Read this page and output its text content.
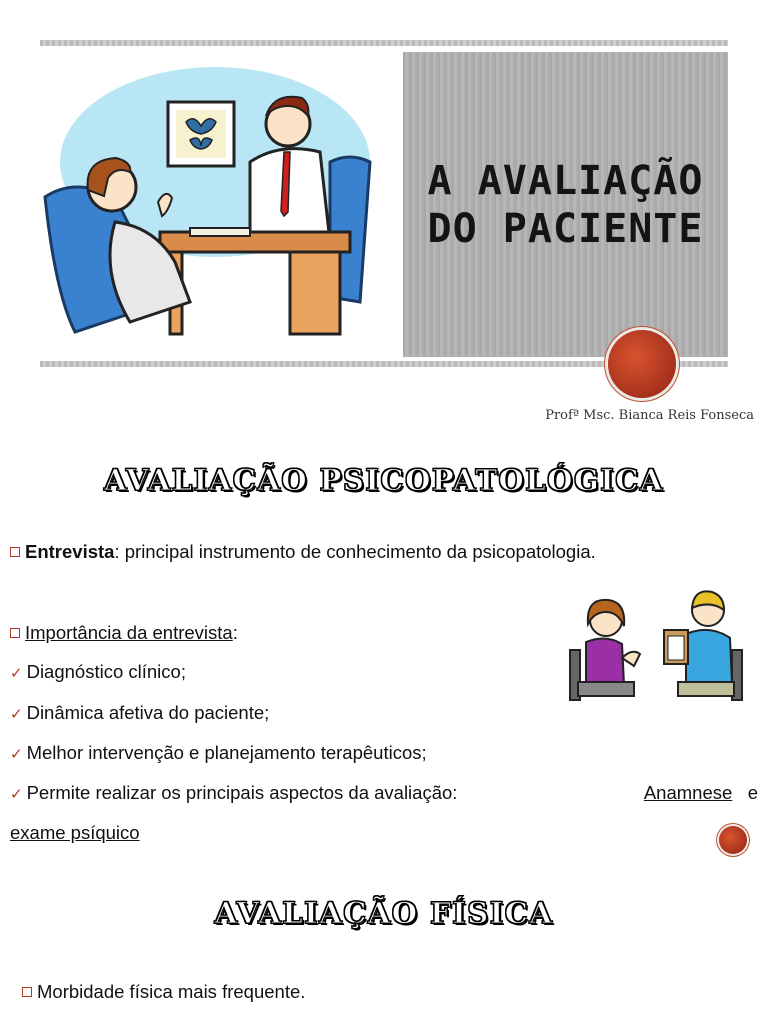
A AVALIAÇÃO
DO PACIENTE
Profª Msc. Bianca Reis Fonseca
AVALIAÇÃO PSICOPATOLÓGICA
Entrevista: principal instrumento de conhecimento da psicopatologia.
Importância da entrevista:
✓ Diagnóstico clínico;
✓ Dinâmica afetiva do paciente;
✓ Melhor intervenção e planejamento terapêuticos;
✓ Permite realizar os principais aspectos da avaliação:	Anamnese e
exame psíquico
AVALIAÇÃO FÍSICA
Morbidade física mais frequente.
